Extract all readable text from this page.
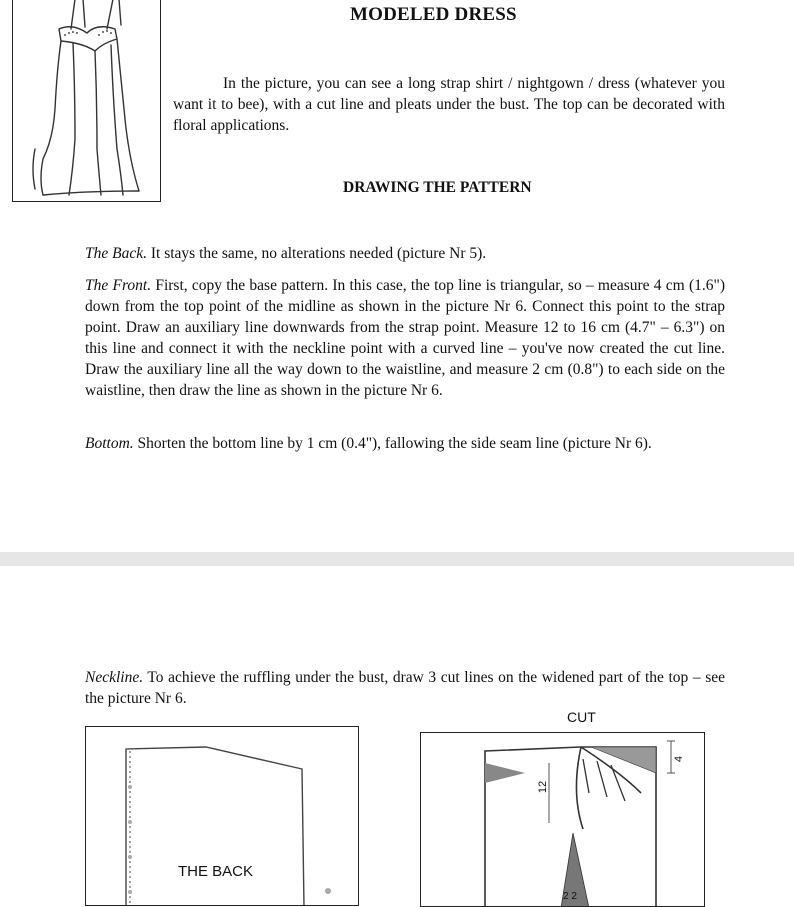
MODELED DRESS
In the picture, you can see a long strap shirt / nightgown / dress (whatever you want it to bee), with a cut line and pleats under the bust. The top can be decorated with floral applications.
DRAWING THE PATTERN

The Back. It stays the same, no alterations needed (picture Nr 5).

The Front. First, copy the base pattern. In this case, the top line is triangular, so – measure 4 cm (1.6") down from the top point of the midline as shown in the picture Nr 6. Connect this point to the strap point. Draw an auxiliary line downwards from the strap point. Measure 12 to 16 cm (4.7" – 6.3") on this line and connect it with the neckline point with a curved line – you've now created the cut line. Draw the auxiliary line all the way down to the waistline, and measure 2 cm (0.8") to each side on the waistline, then draw the line as shown in the picture Nr 6.

Bottom. Shorten the bottom line by 1 cm (0.4"), fallowing the side seam line (picture Nr 6).

Neckline. To achieve the ruffling under the bust, draw 3 cut lines on the widened part of the top – see the picture Nr 6.

CUT
THE BACK
12
4
2 2
